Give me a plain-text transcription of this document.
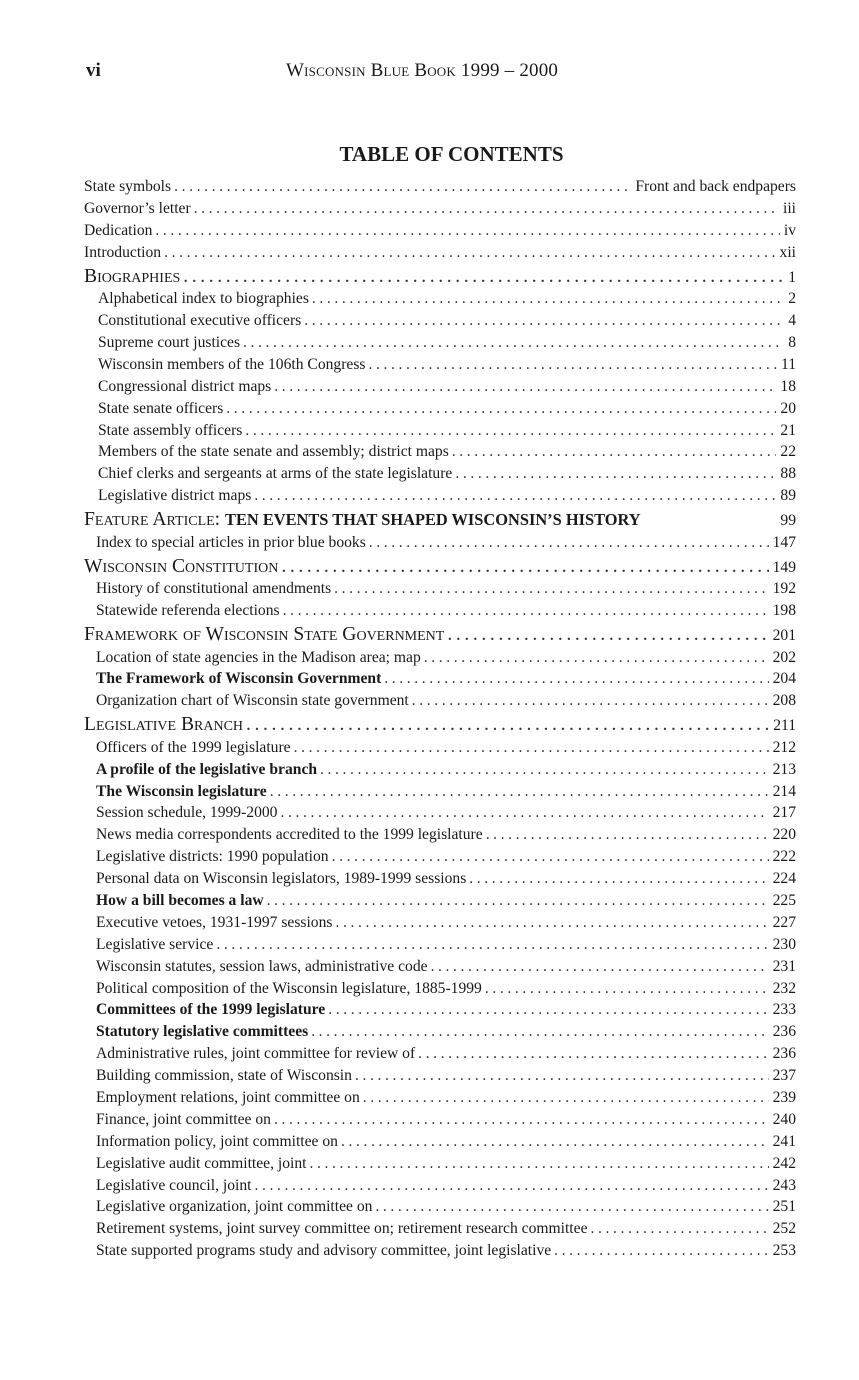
vi	Wisconsin Blue Book 1999 – 2000
TABLE OF CONTENTS
State symbols .....	Front and back endpapers
Governor’s letter .....	iii
Dedication .....	iv
Introduction .....	xii
Biographies .....	1
Alphabetical index to biographies .....	2
Constitutional executive officers .....	4
Supreme court justices .....	8
Wisconsin members of the 106th Congress .....	11
Congressional district maps .....	18
State senate officers .....	20
State assembly officers .....	21
Members of the state senate and assembly; district maps .....	22
Chief clerks and sergeants at arms of the state legislature .....	88
Legislative district maps .....	89
Feature Article: TEN EVENTS THAT SHAPED WISCONSIN’S HISTORY	99
Index to special articles in prior blue books .....	147
Wisconsin Constitution .....	149
History of constitutional amendments .....	192
Statewide referenda elections .....	198
Framework of Wisconsin State Government .....	201
Location of state agencies in the Madison area; map .....	202
The Framework of Wisconsin Government .....	204
Organization chart of Wisconsin state government .....	208
Legislative Branch .....	211
Officers of the 1999 legislature .....	212
A profile of the legislative branch .....	213
The Wisconsin legislature .....	214
Session schedule, 1999-2000 .....	217
News media correspondents accredited to the 1999 legislature .....	220
Legislative districts: 1990 population .....	222
Personal data on Wisconsin legislators, 1989-1999 sessions .....	224
How a bill becomes a law .....	225
Executive vetoes, 1931-1997 sessions .....	227
Legislative service .....	230
Wisconsin statutes, session laws, administrative code .....	231
Political composition of the Wisconsin legislature, 1885-1999 .....	232
Committees of the 1999 legislature .....	233
Statutory legislative committees .....	236
Administrative rules, joint committee for review of .....	236
Building commission, state of Wisconsin .....	237
Employment relations, joint committee on .....	239
Finance, joint committee on .....	240
Information policy, joint committee on .....	241
Legislative audit committee, joint .....	242
Legislative council, joint .....	243
Legislative organization, joint committee on .....	251
Retirement systems, joint survey committee on; retirement research committee .....	252
State supported programs study and advisory committee, joint legislative .....	253
